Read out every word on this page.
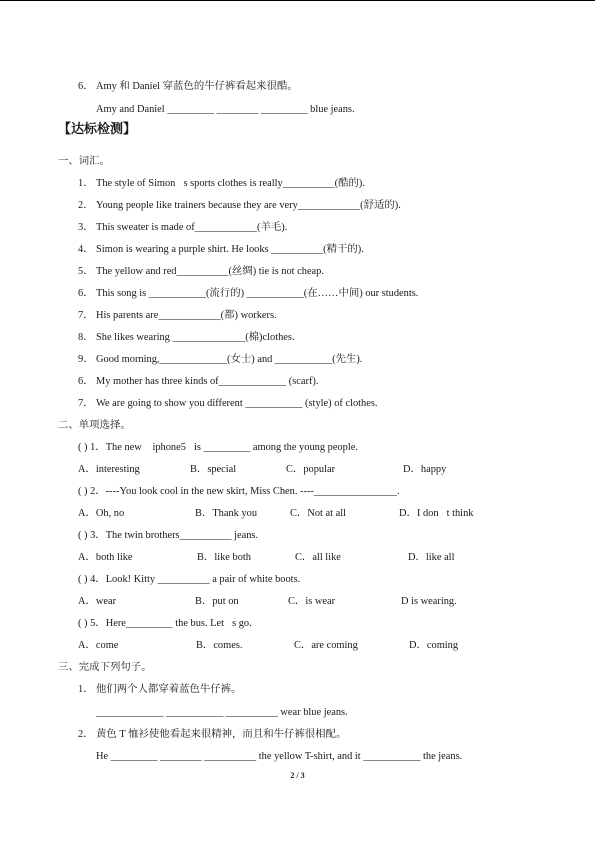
6． Amy 和 Daniel 穿蓝色的牛仔裤看起来很酷。
Amy and Daniel _________ ________ _________ blue jeans.
【达标检测】
一、词汇。
1． The style of Simon s sports clothes is really__________(酷的).
2． Young people like trainers because they are very____________(舒适的).
3． This sweater is made of____________(羊毛).
4． Simon is wearing a purple shirt. He looks __________(精干的).
5． The yellow and red__________(丝绸) tie is not cheap.
6． This song is ___________(流行的) ___________(在……中间) our students.
7． His parents are____________(都) workers.
8． She likes wearing ______________(棉)clothes.
9． Good morning,_____________(女士) and ___________(先生).
6． My mother has three kinds of_____________ (scarf).
7． We are going to show you different ___________ (style) of clothes.
二、单项选择。
( ) 1．The new  iphone5 is _________ among the young people.
A．interesting	B．special	C．popular	D．happy
( ) 2．----You look cool in the new skirt, Miss Chen. ----________________.
A．Oh, no	B．Thank you	C．Not at all	D．I don t think
( ) 3．The twin brothers__________ jeans.
A．both like	B．like both	C．all like	D．like all
( ) 4．Look! Kitty __________ a pair of white boots.
A．wear	B．put on	C．is wear	D is wearing.
( ) 5．Here_________ the bus. Let s go.
A．come	B．comes.	C．are coming	D．coming
三、完成下列句子。
1． 他们两个人都穿着蓝色牛仔裤。
_____________ ___________ __________ wear blue jeans.
2． 黄色 T 恤衫使他看起来很精神，而且和牛仔裤很相配。
He _________ ________ __________ the yellow T-shirt, and it ___________ the jeans.
2 / 3
